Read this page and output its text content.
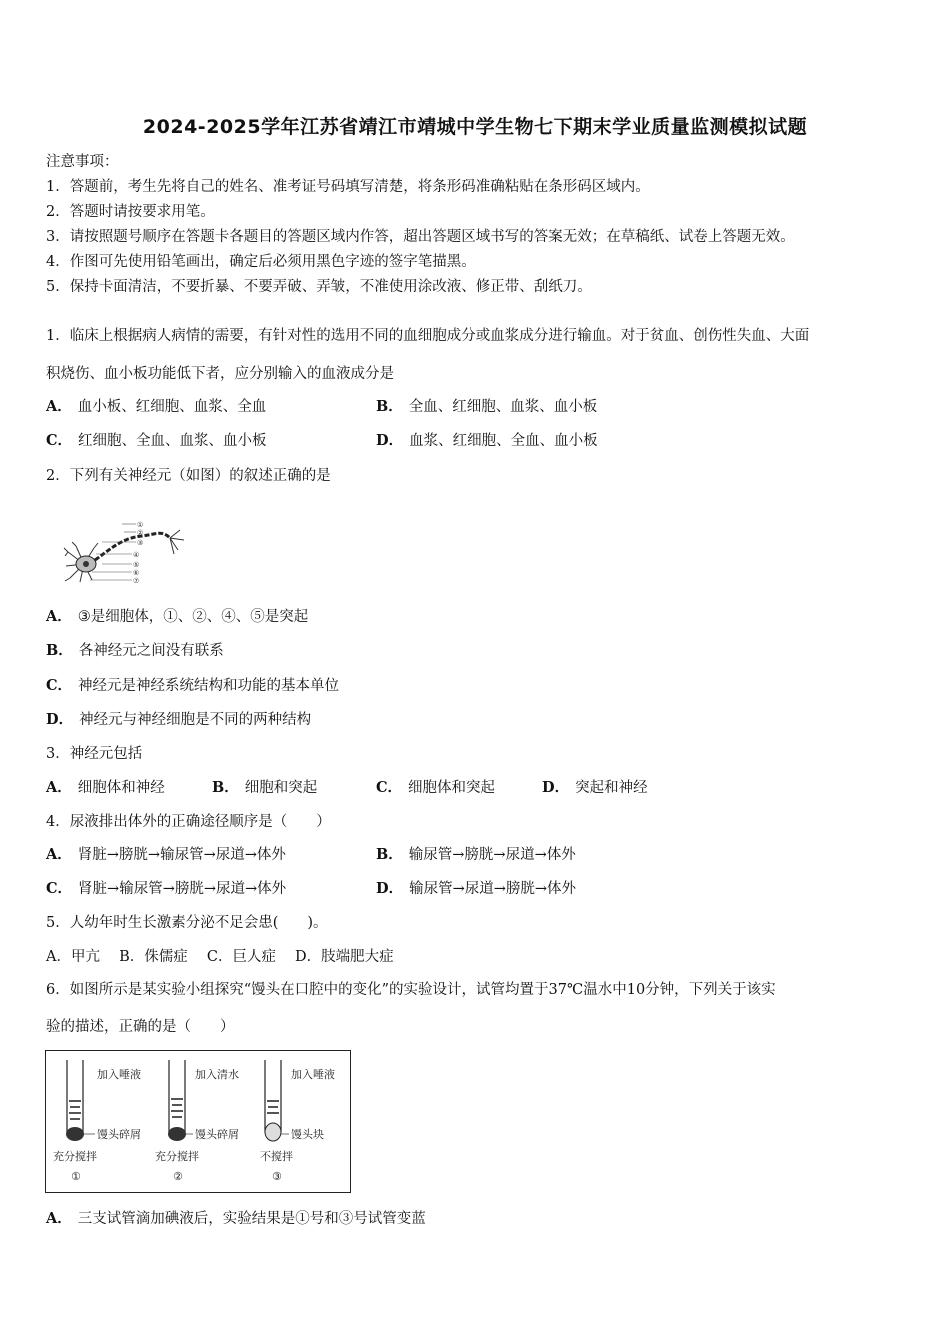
2024-2025学年江苏省靖江市靖城中学生物七下期末学业质量监测模拟试题
注意事项：
1．答题前，考生先将自己的姓名、准考证号码填写清楚，将条形码准确粘贴在条形码区域内。
2．答题时请按要求用笔。
3．请按照题号顺序在答题卡各题目的答题区域内作答，超出答题区域书写的答案无效；在草稿纸、试卷上答题无效。
4．作图可先使用铅笔画出，确定后必须用黑色字迹的签字笔描黑。
5．保持卡面清洁，不要折暴、不要弄破、弄皱，不准使用涂改液、修正带、刮纸刀。
1．临床上根据病人病情的需要，有针对性的选用不同的血细胞成分或血浆成分进行输血。对于贫血、创伤性失血、大面
积烧伤、血小板功能低下者，应分别输入的血液成分是
A． 血小板、红细胞、血浆、全血	B． 全血、红细胞、血浆、血小板
C． 红细胞、全血、血浆、血小板	D． 血浆、红细胞、全血、血小板
2．下列有关神经元（如图）的叙述正确的是
①
②
③
④
⑤
⑥
⑦
A． ③是细胞体，①、②、④、⑤是突起
B． 各神经元之间没有联系
C． 神经元是神经系统结构和功能的基本单位
D． 神经元与神经细胞是不同的两种结构
3．神经元包括
A． 细胞体和神经	B． 细胞和突起	C． 细胞体和突起	D． 突起和神经
4．尿液排出体外的正确途径顺序是（　　）
A． 肾脏→膀胱→输尿管→尿道→体外	B． 输尿管→膀胱→尿道→体外
C． 肾脏→输尿管→膀胱→尿道→体外	D． 输尿管→尿道→膀胱→体外
5．人幼年时生长激素分泌不足会患(　　)。
A．甲亢　 B．侏儒症　 C．巨人症　 D．肢端肥大症
6．如图所示是某实验小组探究“馒头在口腔中的变化”的实验设计，试管均置于37℃温水中10分钟，下列关于该实
验的描述，正确的是（　　）
加入唾液
馒头碎屑
充分搅拌
①
加入清水
馒头碎屑
充分搅拌
②
加入唾液
馒头块
不搅拌
③
A． 三支试管滴加碘液后，实验结果是①号和③号试管变蓝
